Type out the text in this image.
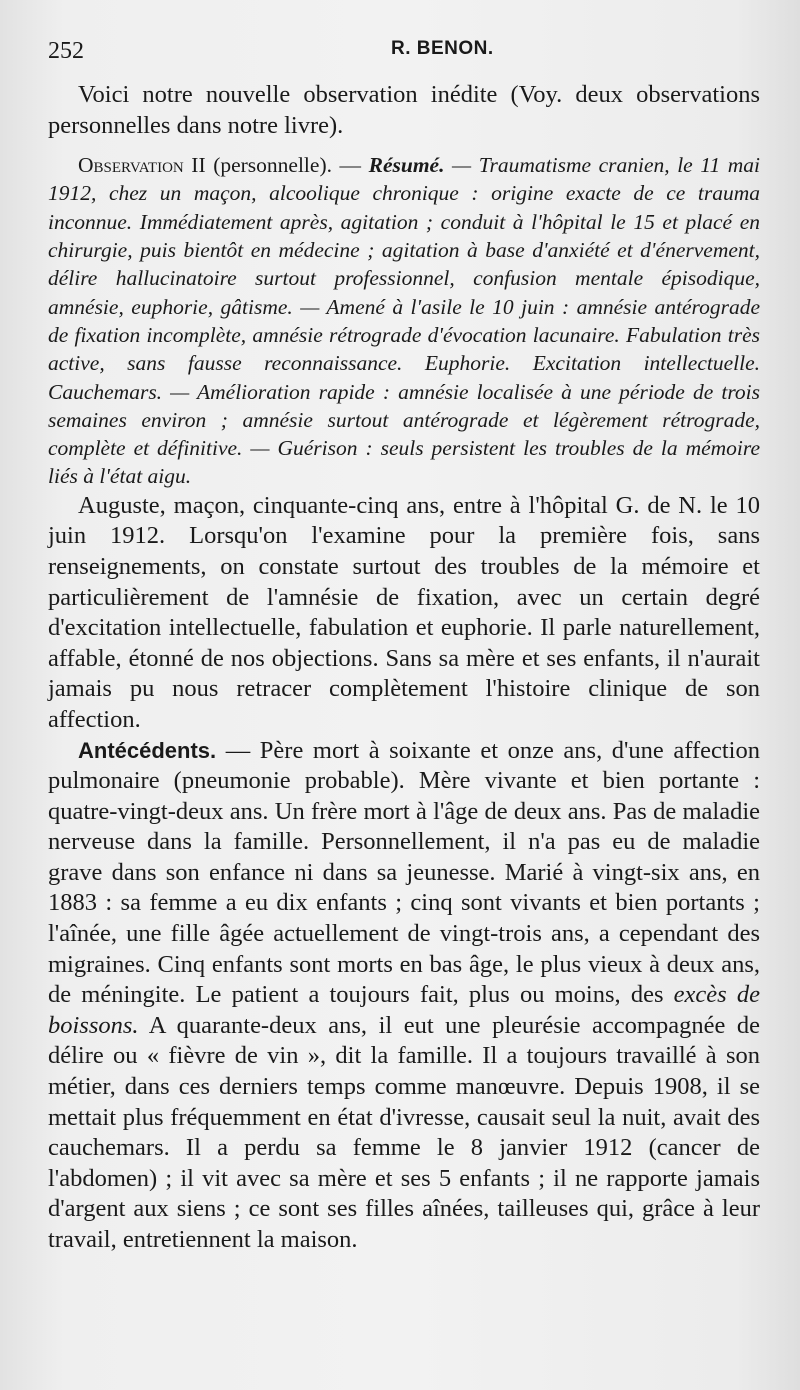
252	R. BENON.

Voici notre nouvelle observation inédite (Voy. deux observations personnelles dans notre livre).

Observation II (personnelle). — Résumé. — Traumatisme cranien, le 11 mai 1912, chez un maçon, alcoolique chronique : origine exacte de ce trauma inconnue. Immédiatement après, agitation ; conduit à l'hôpital le 15 et placé en chirurgie, puis bientôt en médecine ; agitation à base d'anxiété et d'énervement, délire hallucinatoire surtout professionnel, confusion mentale épisodique, amnésie, euphorie, gâtisme. — Amené à l'asile le 10 juin : amnésie antérograde de fixation incomplète, amnésie rétrograde d'évocation lacunaire. Fabulation très active, sans fausse reconnaissance. Euphorie. Excitation intellectuelle. Cauchemars. — Amélioration rapide : amnésie localisée à une période de trois semaines environ ; amnésie surtout antérograde et légèrement rétrograde, complète et définitive. — Guérison : seuls persistent les troubles de la mémoire liés à l'état aigu.

Auguste, maçon, cinquante-cinq ans, entre à l'hôpital G. de N. le 10 juin 1912. Lorsqu'on l'examine pour la première fois, sans renseignements, on constate surtout des troubles de la mémoire et particulièrement de l'amnésie de fixation, avec un certain degré d'excitation intellectuelle, fabulation et euphorie. Il parle naturellement, affable, étonné de nos objections. Sans sa mère et ses enfants, il n'aurait jamais pu nous retracer complètement l'histoire clinique de son affection.

Antécédents. — Père mort à soixante et onze ans, d'une affection pulmonaire (pneumonie probable). Mère vivante et bien portante : quatre-vingt-deux ans. Un frère mort à l'âge de deux ans. Pas de maladie nerveuse dans la famille. Personnellement, il n'a pas eu de maladie grave dans son enfance ni dans sa jeunesse. Marié à vingt-six ans, en 1883 : sa femme a eu dix enfants ; cinq sont vivants et bien portants ; l'aînée, une fille âgée actuellement de vingt-trois ans, a cependant des migraines. Cinq enfants sont morts en bas âge, le plus vieux à deux ans, de méningite. Le patient a toujours fait, plus ou moins, des excès de boissons. A quarante-deux ans, il eut une pleurésie accompagnée de délire ou « fièvre de vin », dit la famille. Il a toujours travaillé à son métier, dans ces derniers temps comme manœuvre. Depuis 1908, il se mettait plus fréquemment en état d'ivresse, causait seul la nuit, avait des cauchemars. Il a perdu sa femme le 8 janvier 1912 (cancer de l'abdomen) ; il vit avec sa mère et ses 5 enfants ; il ne rapporte jamais d'argent aux siens ; ce sont ses filles aînées, tailleuses qui, grâce à leur travail, entretiennent la maison.
